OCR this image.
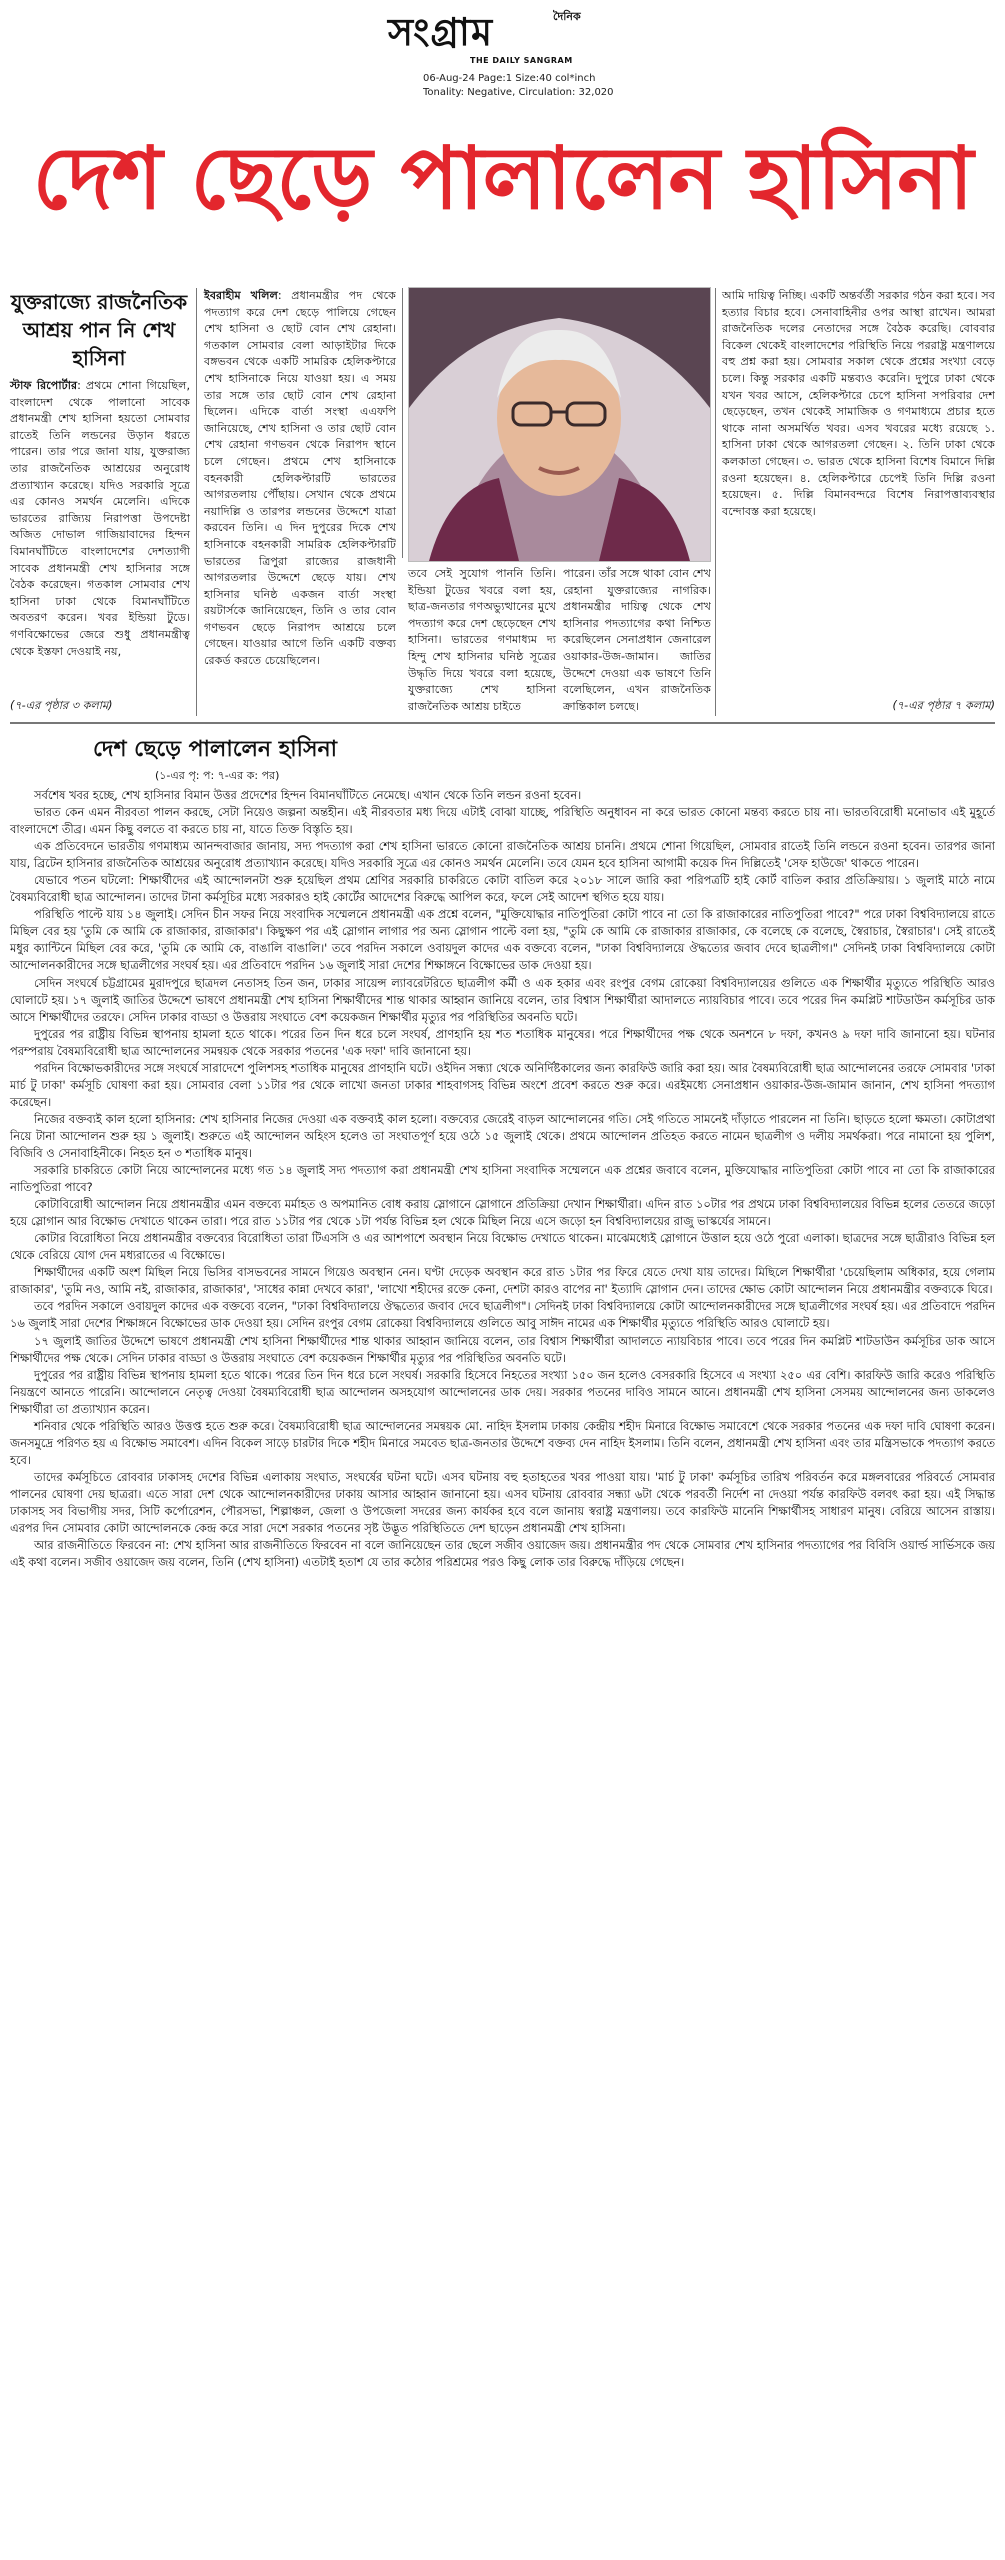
দৈনিক
সংগ্রাম
THE DAILY SANGRAM
06-Aug-24 Page:1 Size:40 col*inch
Tonality: Negative, Circulation: 32,020
দেশ ছেড়ে পালালেন হাসিনা
যুক্তরাজ্যে রাজনৈতিক আশ্রয় পান নি শেখ হাসিনা
স্টাফ রিপোর্টার: প্রথমে শোনা গিয়েছিল, বাংলাদেশ থেকে পালানো সাবেক প্রধানমন্ত্রী শেখ হাসিনা হয়তো সোমবার রাতেই তিনি লন্ডনের উড়ান ধরতে পারেন। তার পরে জানা যায়, যুক্তরাজ্য তার রাজনৈতিক আশ্রয়ের অনুরোধ প্রত্যাখ্যান করেছে। যদিও সরকারি সূত্রে এর কোনও সমর্থন মেলেনি। এদিকে ভারতের রাজ্যিয় নিরাপত্তা উপদেষ্টা অজিত দোভাল গাজিয়াবাদের হিন্দন বিমানঘাঁটিতে বাংলাদেশের দেশত্যাগী সাবেক প্রধানমন্ত্রী শেখ হাসিনার সঙ্গে বৈঠক করেছেন। গতকাল সোমবার শেখ হাসিনা ঢাকা থেকে বিমানঘাঁটিতে অবতরণ করেন। খবর ইন্ডিয়া টুডে। গণবিক্ষোভের জেরে শুধু প্রধানমন্ত্রীত্ব থেকে ইস্তফা দেওয়াই নয়,
(৭-এর পৃষ্ঠার ৩ কলাম)
ইবরাহীম খলিল: প্রধানমন্ত্রীর পদ থেকে পদত্যাগ করে দেশ ছেড়ে পালিয়ে গেছেন শেখ হাসিনা ও ছোট বোন শেখ রেহানা। গতকাল সোমবার বেলা আড়াইটার দিকে বঙ্গভবন থেকে একটি সামরিক হেলিকপ্টারে শেখ হাসিনাকে নিয়ে যাওয়া হয়। এ সময় তার সঙ্গে তার ছোট বোন শেখ রেহানা ছিলেন। এদিকে বার্তা সংস্থা এএফপি জানিয়েছে, শেখ হাসিনা ও তার ছোট বোন শেখ রেহানা গণভবন থেকে নিরাপদ স্থানে চলে গেছেন। প্রথমে শেখ হাসিনাকে বহনকারী হেলিকপ্টারটি ভারতের আগরতলায় পৌঁছায়। সেখান থেকে প্রথমে নয়াদিল্লি ও তারপর লন্ডনের উদ্দেশে যাত্রা করবেন তিনি। এ দিন দুপুরের দিকে শেখ হাসিনাকে বহনকারী সামরিক হেলিকপ্টারটি ভারতের ত্রিপুরা রাজ্যের রাজধানী আগরতলার উদ্দেশে ছেড়ে যায়। শেখ হাসিনার ঘনিষ্ঠ একজন বার্তা সংস্থা রয়টার্সকে জানিয়েছেন, তিনি ও তার বোন গণভবন ছেড়ে নিরাপদ আশ্রয়ে চলে গেছেন। যাওয়ার আগে তিনি একটি বক্তব্য রেকর্ড করতে চেয়েছিলেন।
তবে সেই সুযোগ পাননি তিনি। ইন্ডিয়া টুডের খবরে বলা হয়, ছাত্র-জনতার গণঅভ্যুত্থানের মুখে পদত্যাগ করে দেশ ছেড়েছেন শেখ হাসিনা। ভারতের গণমাধ্যম দ্য হিন্দু শেখ হাসিনার ঘনিষ্ঠ সূত্রের উদ্ধৃতি দিয়ে খবরে বলা হয়েছে, যুক্তরাজ্যে শেখ হাসিনা রাজনৈতিক আশ্রয় চাইতে
পারেন। তাঁর সঙ্গে থাকা বোন শেখ রেহানা যুক্তরাজ্যের নাগরিক। প্রধানমন্ত্রীর দায়িত্ব থেকে শেখ হাসিনার পদত্যাগের কথা নিশ্চিত করেছিলেন সেনাপ্রধান জেনারেল ওয়াকার-উজ-জামান। জাতির উদ্দেশে দেওয়া এক ভাষণে তিনি বলেছিলেন, এখন রাজনৈতিক ক্রান্তিকাল চলছে।
আমি দায়িত্ব নিচ্ছি। একটি অন্তর্বর্তী সরকার গঠন করা হবে। সব হত্যার বিচার হবে। সেনাবাহিনীর ওপর আস্থা রাখেন। আমরা রাজনৈতিক দলের নেতাদের সঙ্গে বৈঠক করেছি। বোববার বিকেল থেকেই বাংলাদেশের পরিস্থিতি নিয়ে পররাষ্ট্র মন্ত্রণালয়ে বহু প্রশ্ন করা হয়। সোমবার সকাল থেকে প্রশ্নের সংখ্যা বেড়ে চলে। কিন্তু সরকার একটি মন্তব্যও করেনি। দুপুরে ঢাকা থেকে যখন খবর আসে, হেলিকপ্টারে চেপে হাসিনা সপরিবার দেশ ছেড়েছেন, তখন থেকেই সামাজিক ও গণমাধ্যমে প্রচার হতে থাকে নানা অসমর্থিত খবর। এসব খবরের মধ্যে রয়েছে ১. হাসিনা ঢাকা থেকে আগরতলা গেছেন। ২. তিনি ঢাকা থেকে কলকাতা গেছেন। ৩. ভারত থেকে হাসিনা বিশেষ বিমানে দিল্লি রওনা হয়েছেন। ৪. হেলিকপ্টারে চেপেই তিনি দিল্লি রওনা হয়েছেন। ৫. দিল্লি বিমানবন্দরে বিশেষ নিরাপত্তাব্যবস্থার বন্দোবস্ত করা হয়েছে।
(৭-এর পৃষ্ঠার ৭ কলাম)
দেশ ছেড়ে পালালেন হাসিনা
(১-এর পৃ: প: ৭-এর ক: পর)

সর্বশেষ খবর হচ্ছে, শেখ হাসিনার বিমান উত্তর প্রদেশের হিন্দন বিমানঘাঁটিতে নেমেছে। এখান থেকে তিনি লন্ডন রওনা হবেন।

ভারত কেন এমন নীরবতা পালন করছে, সেটা নিয়েও জল্পনা অন্তহীন। এই নীরবতার মধ্য দিয়ে এটাই বোঝা যাচ্ছে, পরিস্থিতি অনুধাবন না করে ভারত কোনো মন্তব্য করতে চায় না। ভারতবিরোধী মনোভাব এই মুহূর্তে বাংলাদেশে তীব্র। এমন কিছু বলতে বা করতে চায় না, যাতে তিক্ত বিস্তৃতি হয়।

এক প্রতিবেদনে ভারতীয় গণমাধ্যম আনন্দবাজার জানায়, সদ্য পদত্যাগ করা শেখ হাসিনা ভারতে কোনো রাজনৈতিক আশ্রয় চাননি। প্রথমে শোনা গিয়েছিল, সোমবার রাতেই তিনি লন্ডনে রওনা হবেন। তারপর জানা যায়, ব্রিটেন হাসিনার রাজনৈতিক আশ্রয়ের অনুরোধ প্রত্যাখ্যান করেছে। যদিও সরকারি সূত্রে এর কোনও সমর্থন মেলেনি। তবে যেমন হবে হাসিনা আগামী কয়েক দিন দিল্লিতেই 'সেফ হাউজে' থাকতে পারেন।

যেভাবে পতন ঘটলো: শিক্ষার্থীদের এই আন্দোলনটা শুরু হয়েছিল প্রথম শ্রেণির সরকারি চাকরিতে কোটা বাতিল করে ২০১৮ সালে জারি করা পরিপত্রটি হাই কোর্ট বাতিল করার প্রতিক্রিয়ায়। ১ জুলাই মাঠে নামে বৈষম্যবিরোধী ছাত্র আন্দোলন। তাদের টানা কর্মসূচির মধ্যে সরকারও হাই কোর্টের আদেশের বিরুদ্ধে আপিল করে, ফলে সেই আদেশ স্থগিত হয়ে যায়।

পরিস্থিতি পাল্টে যায় ১৪ জুলাই। সেদিন চীন সফর নিয়ে সংবাদিক সম্মেলনে প্রধানমন্ত্রী এক প্রশ্নে বলেন, "মুক্তিযোদ্ধার নাতিপুতিরা কোটা পাবে না তো কি রাজাকারের নাতিপুতিরা পাবে?" পরে ঢাকা বিশ্ববিদ্যালয়ে রাতে মিছিল বের হয় 'তুমি কে আমি কে রাজাকার, রাজাকার'। কিছুক্ষণ পর এই স্লোগান লাগার পর অন্য স্লোগান পাল্টে বলা হয়, "তুমি কে আমি কে রাজাকার রাজাকার, কে বলেছে কে বলেছে, স্বৈরাচার, স্বৈরাচার'। সেই রাতেই মধুর ক্যান্টিনে মিছিল বের করে, 'তুমি কে আমি কে, বাঙালি বাঙালি।' তবে পরদিন সকালে ওবায়দুল কাদের এক বক্তব্যে বলেন, "ঢাকা বিশ্ববিদ্যালয়ে ঔদ্ধত্যের জবাব দেবে ছাত্রলীগ।" সেদিনই ঢাকা বিশ্ববিদ্যালয়ে কোটা আন্দোলনকারীদের সঙ্গে ছাত্রলীগের সংঘর্ষ হয়। এর প্রতিবাদে পরদিন ১৬ জুলাই সারা দেশের শিক্ষাঙ্গনে বিক্ষোভের ডাক দেওয়া হয়।

সেদিন সংঘর্ষে চট্টগ্রামের মুরাদপুরে ছাত্রদল নেতাসহ তিন জন, ঢাকার সায়েন্স ল্যাবরেটরিতে ছাত্রলীগ কর্মী ও এক হকার এবং রংপুর বেগম রোকেয়া বিশ্ববিদ্যালয়ের গুলিতে এক শিক্ষার্থীর মৃত্যুতে পরিস্থিতি আরও ঘোলাটে হয়। ১৭ জুলাই জাতির উদ্দেশে ভাষণে প্রধানমন্ত্রী শেখ হাসিনা শিক্ষার্থীদের শান্ত থাকার আহ্বান জানিয়ে বলেন, তার বিশ্বাস শিক্ষার্থীরা আদালতে ন্যায়বিচার পাবে। তবে পরের দিন কমপ্লিট শাটডাউন কর্মসূচির ডাক আসে শিক্ষার্থীদের তরফে। সেদিন ঢাকার বাড্ডা ও উত্তরায় সংঘাতে বেশ কয়েকজন শিক্ষার্থীর মৃত্যুর পর পরিস্থিতির অবনতি ঘটে।

দুপুরের পর রাষ্ট্রীয় বিভিন্ন স্থাপনায় হামলা হতে থাকে। পরের তিন দিন ধরে চলে সংঘর্ষ, প্রাণহানি হয় শত শতাধিক মানুষের। পরে শিক্ষার্থীদের পক্ষ থেকে অনশনে ৮ দফা, কখনও ৯ দফা দাবি জানানো হয়। ঘটনার পরম্পরায় বৈষম্যবিরোধী ছাত্র আন্দোলনের সমন্বয়ক থেকে সরকার পতনের 'এক দফা' দাবি জানানো হয়।

পরদিন বিক্ষোভকারীদের সঙ্গে সংঘর্ষে সারাদেশে পুলিশসহ শতাধিক মানুষের প্রাণহানি ঘটে। ওইদিন সন্ধ্যা থেকে অনির্দিষ্টকালের জন্য কারফিউ জারি করা হয়। আর বৈষম্যবিরোধী ছাত্র আন্দোলনের তরফে সোমবার 'ঢাকা মার্চ টু ঢাকা' কর্মসূচি ঘোষণা করা হয়। সোমবার বেলা ১১টার পর থেকে লাখো জনতা ঢাকার শাহবাগসহ বিভিন্ন অংশে প্রবেশ করতে শুরু করে। এরইমধ্যে সেনাপ্রধান ওয়াকার-উজ-জামান জানান, শেখ হাসিনা পদত্যাগ করেছেন।

নিজের বক্তব্যই কাল হলো হাসিনার: শেখ হাসিনার নিজের দেওয়া এক বক্তব্যই কাল হলো। বক্তব্যের জেরেই বাড়ল আন্দোলনের গতি। সেই গতিতে সামনেই দাঁড়াতে পারলেন না তিনি। ছাড়তে হলো ক্ষমতা। কোটাপ্রথা নিয়ে টানা আন্দোলন শুরু হয় ১ জুলাই। শুরুতে এই আন্দোলন অহিংস হলেও তা সংঘাতপূর্ণ হয়ে ওঠে ১৫ জুলাই থেকে। প্রথমে আন্দোলন প্রতিহত করতে নামেন ছাত্রলীগ ও দলীয় সমর্থকরা। পরে নামানো হয় পুলিশ, বিজিবি ও সেনাবাহিনীকে। নিহত হন ৩ শতাধিক মানুষ।

সরকারি চাকরিতে কোটা নিয়ে আন্দোলনের মধ্যে গত ১৪ জুলাই সদ্য পদত্যাগ করা প্রধানমন্ত্রী শেখ হাসিনা সংবাদিক সম্মেলনে এক প্রশ্নের জবাবে বলেন, মুক্তিযোদ্ধার নাতিপুতিরা কোটা পাবে না তো কি রাজাকারের নাতিপুতিরা পাবে?

কোটাবিরোধী আন্দোলন নিয়ে প্রধানমন্ত্রীর এমন বক্তব্যে মর্মাহত ও অপমানিত বোধ করায় স্লোগানে স্লোগানে প্রতিক্রিয়া দেখান শিক্ষার্থীরা। এদিন রাত ১০টার পর প্রথমে ঢাকা বিশ্ববিদ্যালয়ের বিভিন্ন হলের তেতরে জড়ো হয়ে স্লোগান আর বিক্ষোভ দেখাতে থাকেন তারা। পরে রাত ১১টার পর থেকে ১টা পর্যন্ত বিভিন্ন হল থেকে মিছিল নিয়ে এসে জড়ো হন বিশ্ববিদ্যালয়ের রাজু ভাস্কর্যের সামনে।

কোটার বিরোধিতা নিয়ে প্রধানমন্ত্রীর বক্তব্যের বিরোধিতা তারা টিএসসি ও এর আশপাশে অবস্থান নিয়ে বিক্ষোভ দেখাতে থাকেন। মাঝেমধ্যেই স্লোগানে উত্তাল হয়ে ওঠে পুরো এলাকা। ছাত্রদের সঙ্গে ছাত্রীরাও বিভিন্ন হল থেকে বেরিয়ে যোগ দেন মধ্যরাতের এ বিক্ষোভে।

শিক্ষার্থীদের একটি অংশ মিছিল নিয়ে ভিসির বাসভবনের সামনে গিয়েও অবস্থান নেন। ঘণ্টা দেড়েক অবস্থান করে রাত ১টার পর ফিরে যেতে দেখা যায় তাদের। মিছিলে শিক্ষার্থীরা 'চেয়েছিলাম অধিকার, হয়ে গেলাম রাজাকার', 'তুমি নও, আমি নই, রাজাকার, রাজাকার', 'সাধের কান্না দেখবে কারা', 'লাখো শহীদের রক্তে কেনা, দেশটা কারও বাপের না' ইত্যাদি স্লোগান দেন। তাদের ক্ষোভ কোটা আন্দোলন নিয়ে প্রধানমন্ত্রীর বক্তব্যকে ঘিরে।

তবে পরদিন সকালে ওবায়দুল কাদের এক বক্তব্যে বলেন, "ঢাকা বিশ্ববিদ্যালয়ে ঔদ্ধত্যের জবাব দেবে ছাত্রলীগ"। সেদিনই ঢাকা বিশ্ববিদ্যালয়ে কোটা আন্দোলনকারীদের সঙ্গে ছাত্রলীগের সংঘর্ষ হয়। এর প্রতিবাদে পরদিন ১৬ জুলাই সারা দেশের শিক্ষাঙ্গনে বিক্ষোভের ডাক দেওয়া হয়। সেদিন রংপুর বেগম রোকেয়া বিশ্ববিদ্যালয়ে গুলিতে আবু সাঈদ নামের এক শিক্ষার্থীর মৃত্যুতে পরিস্থিতি আরও ঘোলাটে হয়।

১৭ জুলাই জাতির উদ্দেশে ভাষণে প্রধানমন্ত্রী শেখ হাসিনা শিক্ষার্থীদের শান্ত থাকার আহ্বান জানিয়ে বলেন, তার বিশ্বাস শিক্ষার্থীরা আদালতে ন্যায়বিচার পাবে। তবে পরের দিন কমপ্লিট শাটডাউন কর্মসূচির ডাক আসে শিক্ষার্থীদের পক্ষ থেকে। সেদিন ঢাকার বাড্ডা ও উত্তরায় সংঘাতে বেশ কয়েকজন শিক্ষার্থীর মৃত্যুর পর পরিস্থিতির অবনতি ঘটে।

দুপুরের পর রাষ্ট্রীয় বিভিন্ন স্থাপনায় হামলা হতে থাকে। পরের তিন দিন ধরে চলে সংঘর্ষ। সরকারি হিসেবে নিহতের সংখ্যা ১৫০ জন হলেও বেসরকারি হিসেবে এ সংখ্যা ২৫০ এর বেশি। কারফিউ জারি করেও পরিস্থিতি নিয়ন্ত্রণে আনতে পারেনি। আন্দোলনে নেতৃত্ব দেওয়া বৈষম্যবিরোধী ছাত্র আন্দোলন অসহযোগ আন্দোলনের ডাক দেয়। সরকার পতনের দাবিও সামনে আনে। প্রধানমন্ত্রী শেখ হাসিনা সেসময় আন্দোলনের জন্য ডাকলেও শিক্ষার্থীরা তা প্রত্যাখ্যান করেন।

শনিবার থেকে পরিস্থিতি আরও উত্তপ্ত হতে শুরু করে। বৈষম্যবিরোধী ছাত্র আন্দোলনের সমন্বয়ক মো. নাহিদ ইসলাম ঢাকায় কেন্দ্রীয় শহীদ মিনারে বিক্ষোভ সমাবেশে থেকে সরকার পতনের এক দফা দাবি ঘোষণা করেন। জনসমুদ্রে পরিণত হয় এ বিক্ষোভ সমাবেশ। এদিন বিকেল সাড়ে চারটার দিকে শহীদ মিনারে সমবেত ছাত্র-জনতার উদ্দেশে বক্তব্য দেন নাহিদ ইসলাম। তিনি বলেন, প্রধানমন্ত্রী শেখ হাসিনা এবং তার মন্ত্রিসভাকে পদত্যাগ করতে হবে।

তাদের কর্মসূচিতে রোববার ঢাকাসহ দেশের বিভিন্ন এলাকায় সংঘাত, সংঘর্ষের ঘটনা ঘটে। এসব ঘটনায় বহু হতাহতের খবর পাওয়া যায়। 'মার্চ টু ঢাকা' কর্মসূচির তারিখ পরিবর্তন করে মঙ্গলবারের পরিবর্তে সোমবার পালনের ঘোষণা দেয় ছাত্ররা। এতে সারা দেশ থেকে আন্দোলনকারীদের ঢাকায় আসার আহ্বান জানানো হয়। এসব ঘটনায় রোববার সন্ধ্যা ৬টা থেকে পরবর্তী নির্দেশ না দেওয়া পর্যন্ত কারফিউ বলবৎ করা হয়। এই সিদ্ধান্ত ঢাকাসহ সব বিভাগীয় সদর, সিটি কর্পোরেশন, পৌরসভা, শিল্পাঞ্চল, জেলা ও উপজেলা সদরের জন্য কার্যকর হবে বলে জানায় স্বরাষ্ট্র মন্ত্রণালয়। তবে কারফিউ মানেনি শিক্ষার্থীসহ সাধারণ মানুষ। বেরিয়ে আসেন রাস্তায়। এরপর দিন সোমবার কোটা আন্দোলনকে কেন্দ্র করে সারা দেশে সরকার পতনের সৃষ্ট উদ্ভূত পরিস্থিতিতে দেশ ছাড়েন প্রধানমন্ত্রী শেখ হাসিনা।

আর রাজনীতিতে ফিরবেন না: শেখ হাসিনা আর রাজনীতিতে ফিরবেন না বলে জানিয়েছেন তার ছেলে সজীব ওয়াজেদ জয়। প্রধানমন্ত্রীর পদ থেকে সোমবার শেখ হাসিনার পদত্যাগের পর বিবিসি ওয়ার্ল্ড সার্ভিসকে জয় এই কথা বলেন। সজীব ওয়াজেদ জয় বলেন, তিনি (শেখ হাসিনা) এতটাই হতাশ যে তার কঠোর পরিশ্রমের পরও কিছু লোক তার বিরুদ্ধে দাঁড়িয়ে গেছেন।
